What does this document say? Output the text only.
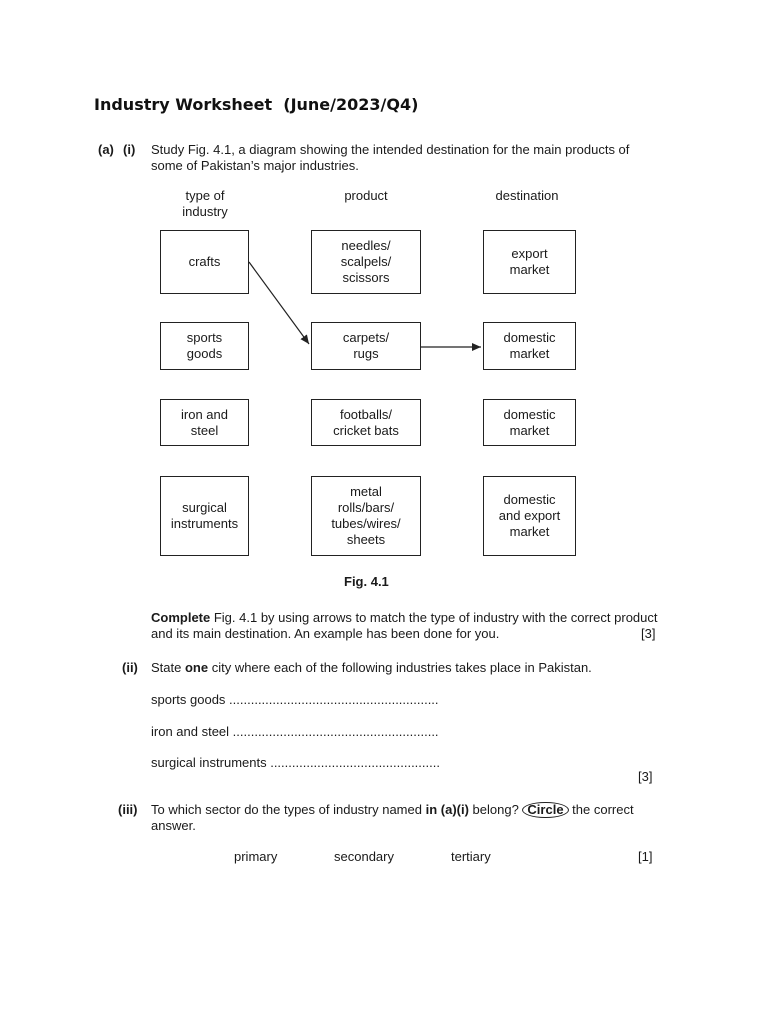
Industry Worksheet  (June/2023/Q4)
(a) (i) Study Fig. 4.1, a diagram showing the intended destination for the main products of
some of Pakistan’s major industries.
type of
industry
product	destination
crafts
sports
goods
iron and
steel
surgical
instruments
needles/
scalpels/
scissors
carpets/
rugs
footballs/
cricket bats
metal
rolls/bars/
tubes/wires/
sheets
export
market
domestic
market
domestic
market
domestic
and export
market
Fig. 4.1
Complete Fig. 4.1 by using arrows to match the type of industry with the correct product
and its main destination. An example has been done for you.	[3]
(ii) State one city where each of the following industries takes place in Pakistan.
sports goods ..........................................................
iron and steel .........................................................
surgical instruments ...............................................
[3]
(iii) To which sector do the types of industry named in (a)(i) belong? Circle the correct
answer.
primary	secondary	tertiary	[1]
